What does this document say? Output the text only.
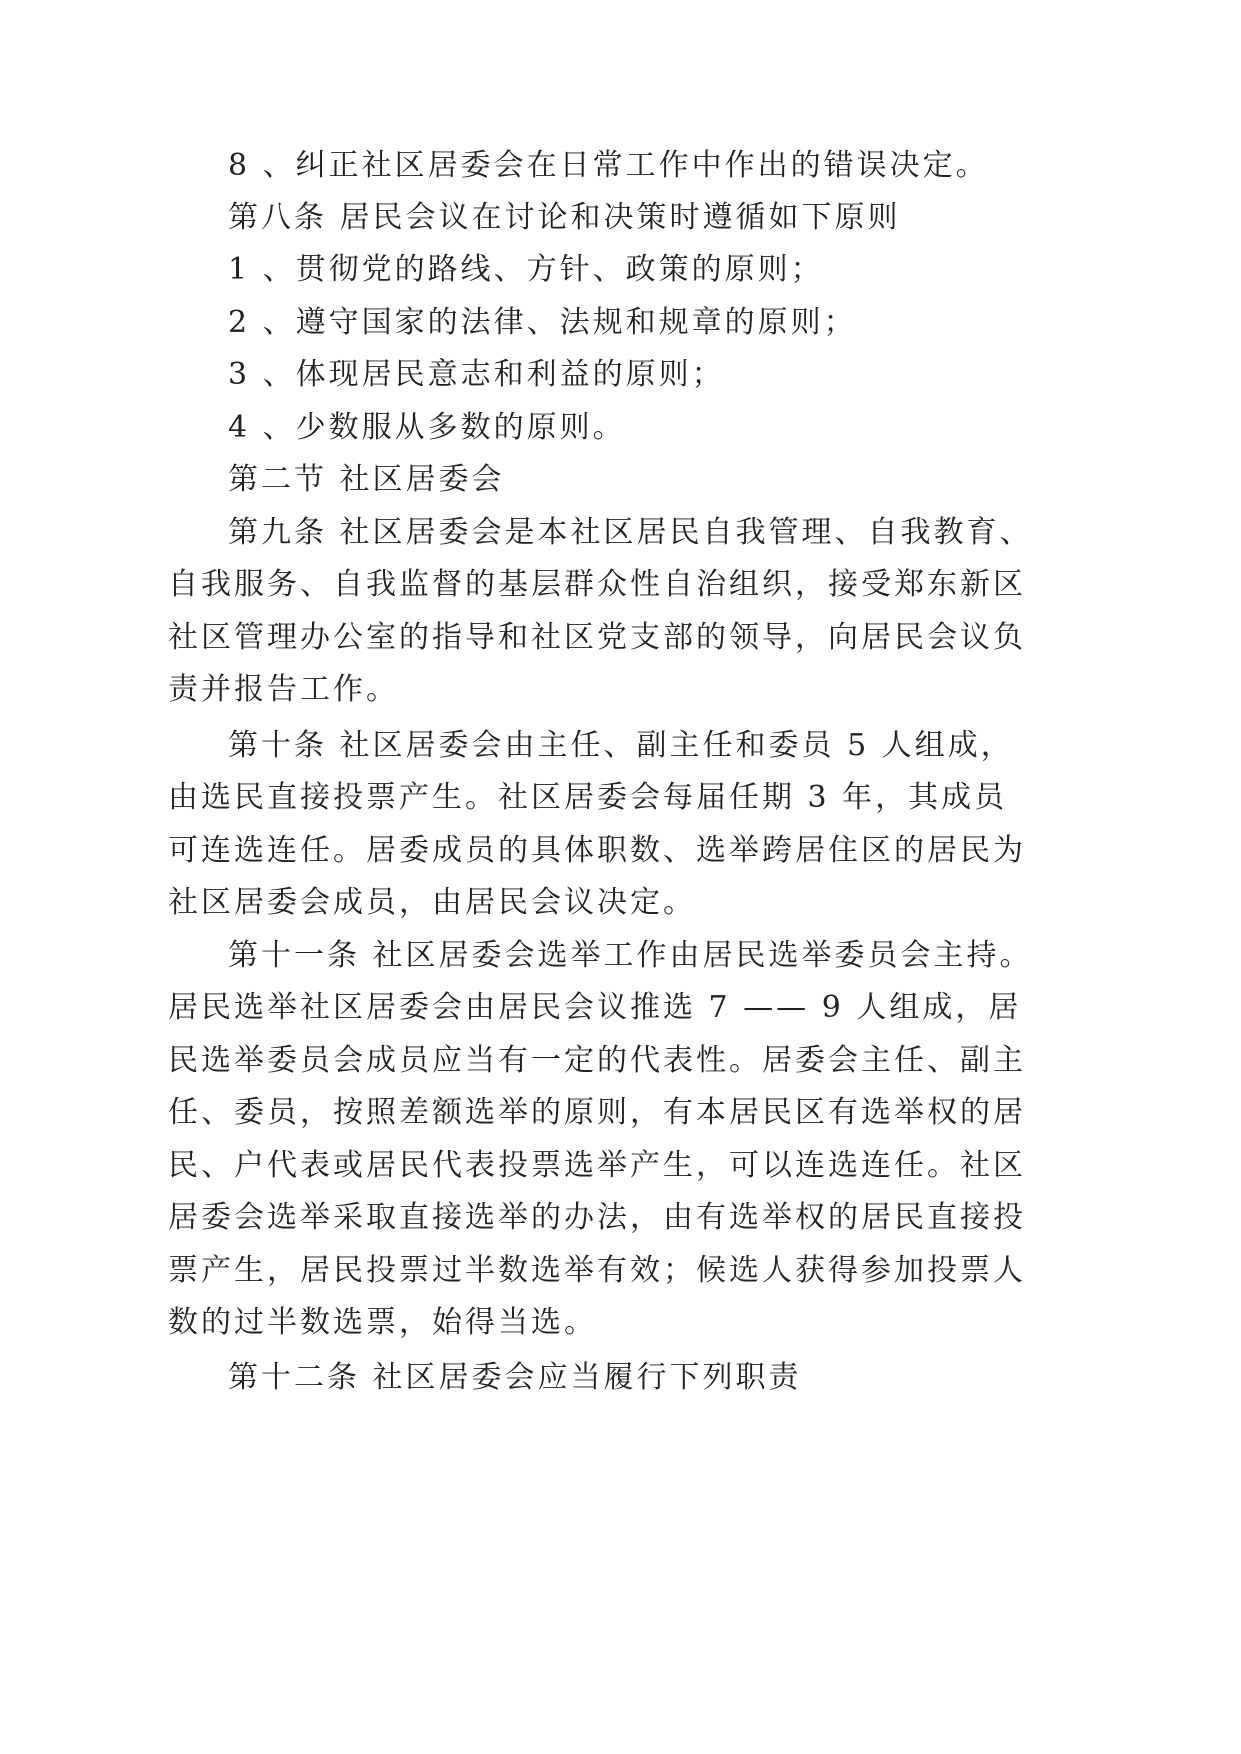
8 、纠正社区居委会在日常工作中作出的错误决定。

第八条 居民会议在讨论和决策时遵循如下原则

1 、贯彻党的路线、方针、政策的原则；

2 、遵守国家的法律、法规和规章的原则；

3 、体现居民意志和利益的原则；

4 、少数服从多数的原则。

第二节 社区居委会

第九条 社区居委会是本社区居民自我管理、自我教育、

自我服务、自我监督的基层群众性自治组织，接受郑东新区

社区管理办公室的指导和社区党支部的领导，向居民会议负

责并报告工作。

第十条 社区居委会由主任、副主任和委员 5 人组成，

由选民直接投票产生。社区居委会每届任期 3 年，其成员

可连选连任。居委成员的具体职数、选举跨居住区的居民为

社区居委会成员，由居民会议决定。

第十一条 社区居委会选举工作由居民选举委员会主持。

居民选举社区居委会由居民会议推选 7 —— 9 人组成，居

民选举委员会成员应当有一定的代表性。居委会主任、副主

任、委员，按照差额选举的原则，有本居民区有选举权的居

民、户代表或居民代表投票选举产生，可以连选连任。社区

居委会选举采取直接选举的办法，由有选举权的居民直接投

票产生，居民投票过半数选举有效；候选人获得参加投票人

数的过半数选票，始得当选。

第十二条 社区居委会应当履行下列职责
